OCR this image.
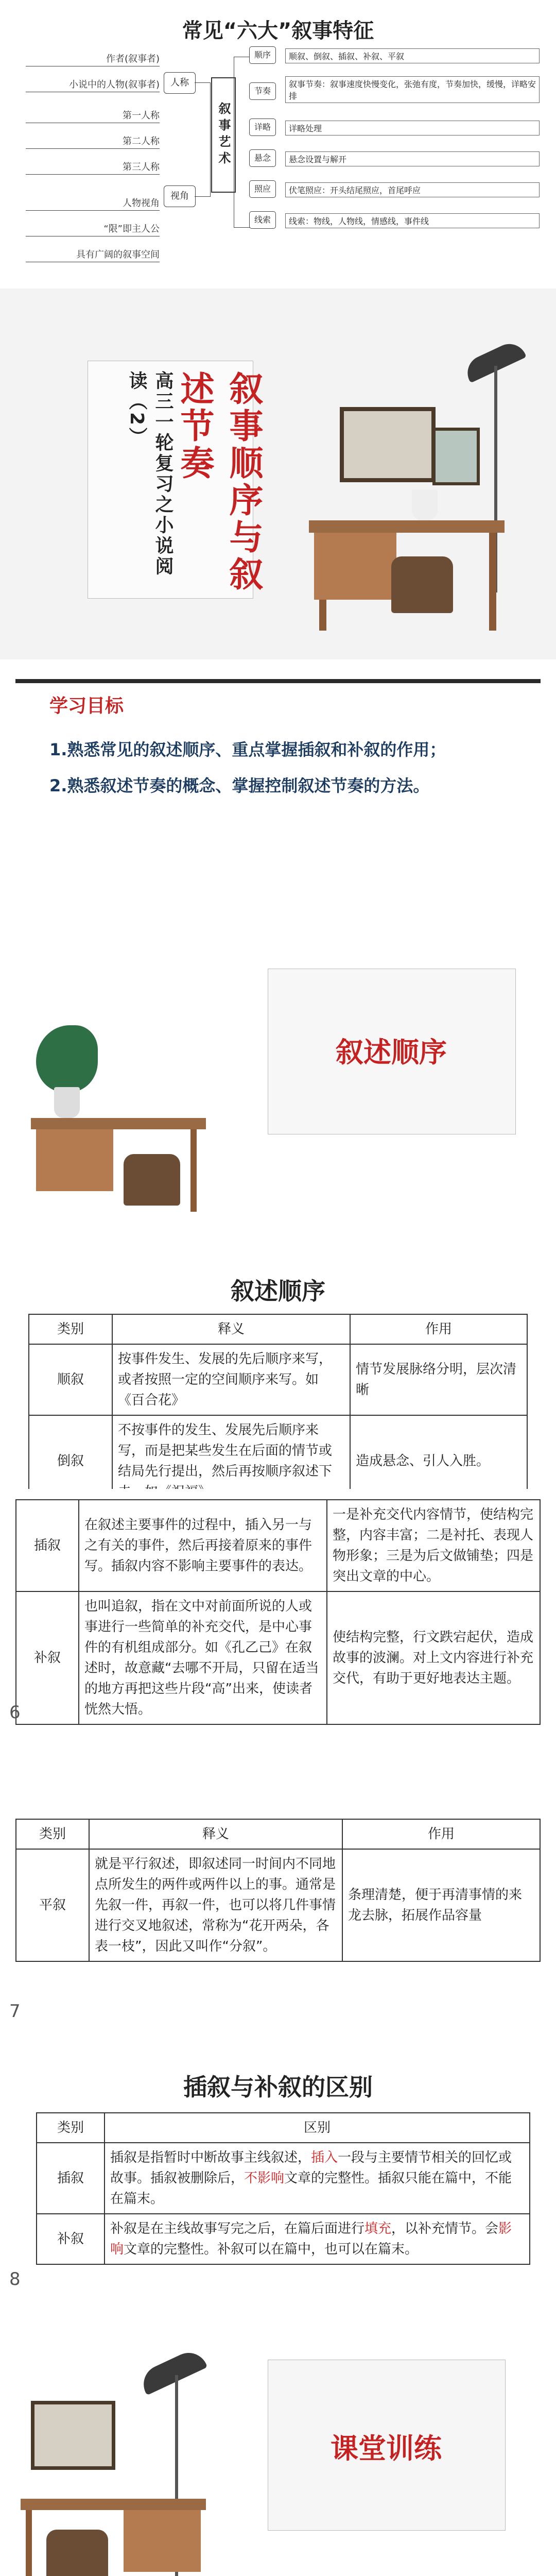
常见“六大”叙事特征
作者(叙事者)
小说中的人物(叙事者)
第一人称
第二人称
第三人称
人物视角
“限”即主人公
具有广阔的叙事空间
人称
视角
叙事艺术
顺序
节奏
详略
悬念
照应
线索
顺叙、倒叙、插叙、补叙、平叙
叙事节奏：叙事速度快慢变化，张弛有度，节奏加快，缓慢，详略安排
详略处理
悬念设置与解开
伏笔照应：开头结尾照应，首尾呼应
线索：物线，人物线，情感线，事件线
高三一轮复习之小说阅读（2）	叙事顺序与叙述节奏
学习目标
1.熟悉常见的叙述顺序、重点掌握插叙和补叙的作用；
2.熟悉叙述节奏的概念、掌握控制叙述节奏的方法。
叙述顺序
叙述顺序
类别	释义	作用
顺叙	按事件发生、发展的先后顺序来写，或者按照一定的空间顺序来写。如《百合花》	情节发展脉络分明，层次清晰
倒叙	不按事件的发生、发展先后顺序来写，而是把某些发生在后面的情节或结局先行提出，然后再按顺序叙述下	造成悬念、引人入胜。
插叙	在叙述主要事件的过程中，插入另一与之有关的事件，然后再接着原来的事件写。插叙内容不影响主要事件的表达。	一是补充交代内容情节，使结构完整，内容丰富；二是衬托、表现人物形象；三是为后文做铺垫；四是突出文章的中心。
补叙	也叫追叙，指在文中对前面所说的人或事进行一些简单的补充交代，是中心事件的有机组成部分。如《孔乙己》在叙述时，故意藏“去哪不开局，只留在适当的地方再把这些片段“高”出来，使读者恍然大悟。	使结构完整，行文跌宕起伏，造成故事的波澜。对上文内容进行补充交代，有助于更好地表达主题。
6
类别	释义	作用
平叙	就是平行叙述，即叙述同一时间内不同地点所发生的两件或两件以上的事。通常是先叙一件，再叙一件，也可以将几件事情进行交叉地叙述，常称为“花开两朵，各表一枝”，因此又叫作“分叙”。	条理清楚，便于再清事情的来龙去脉，拓展作品容量
7
插叙与补叙的区别
类别	区别
插叙	插叙是指暂时中断故事主线叙述，插入一段与主要情节相关的回忆或故事。插叙被删除后，不影响文章的完整性。插叙只能在篇中，不能在篇末。
补叙	补叙是在主线故事写完之后，在篇后面进行填充，以补充情节。会影响文章的完整性。补叙可以在篇中，也可以在篇末。
8
课堂训练
